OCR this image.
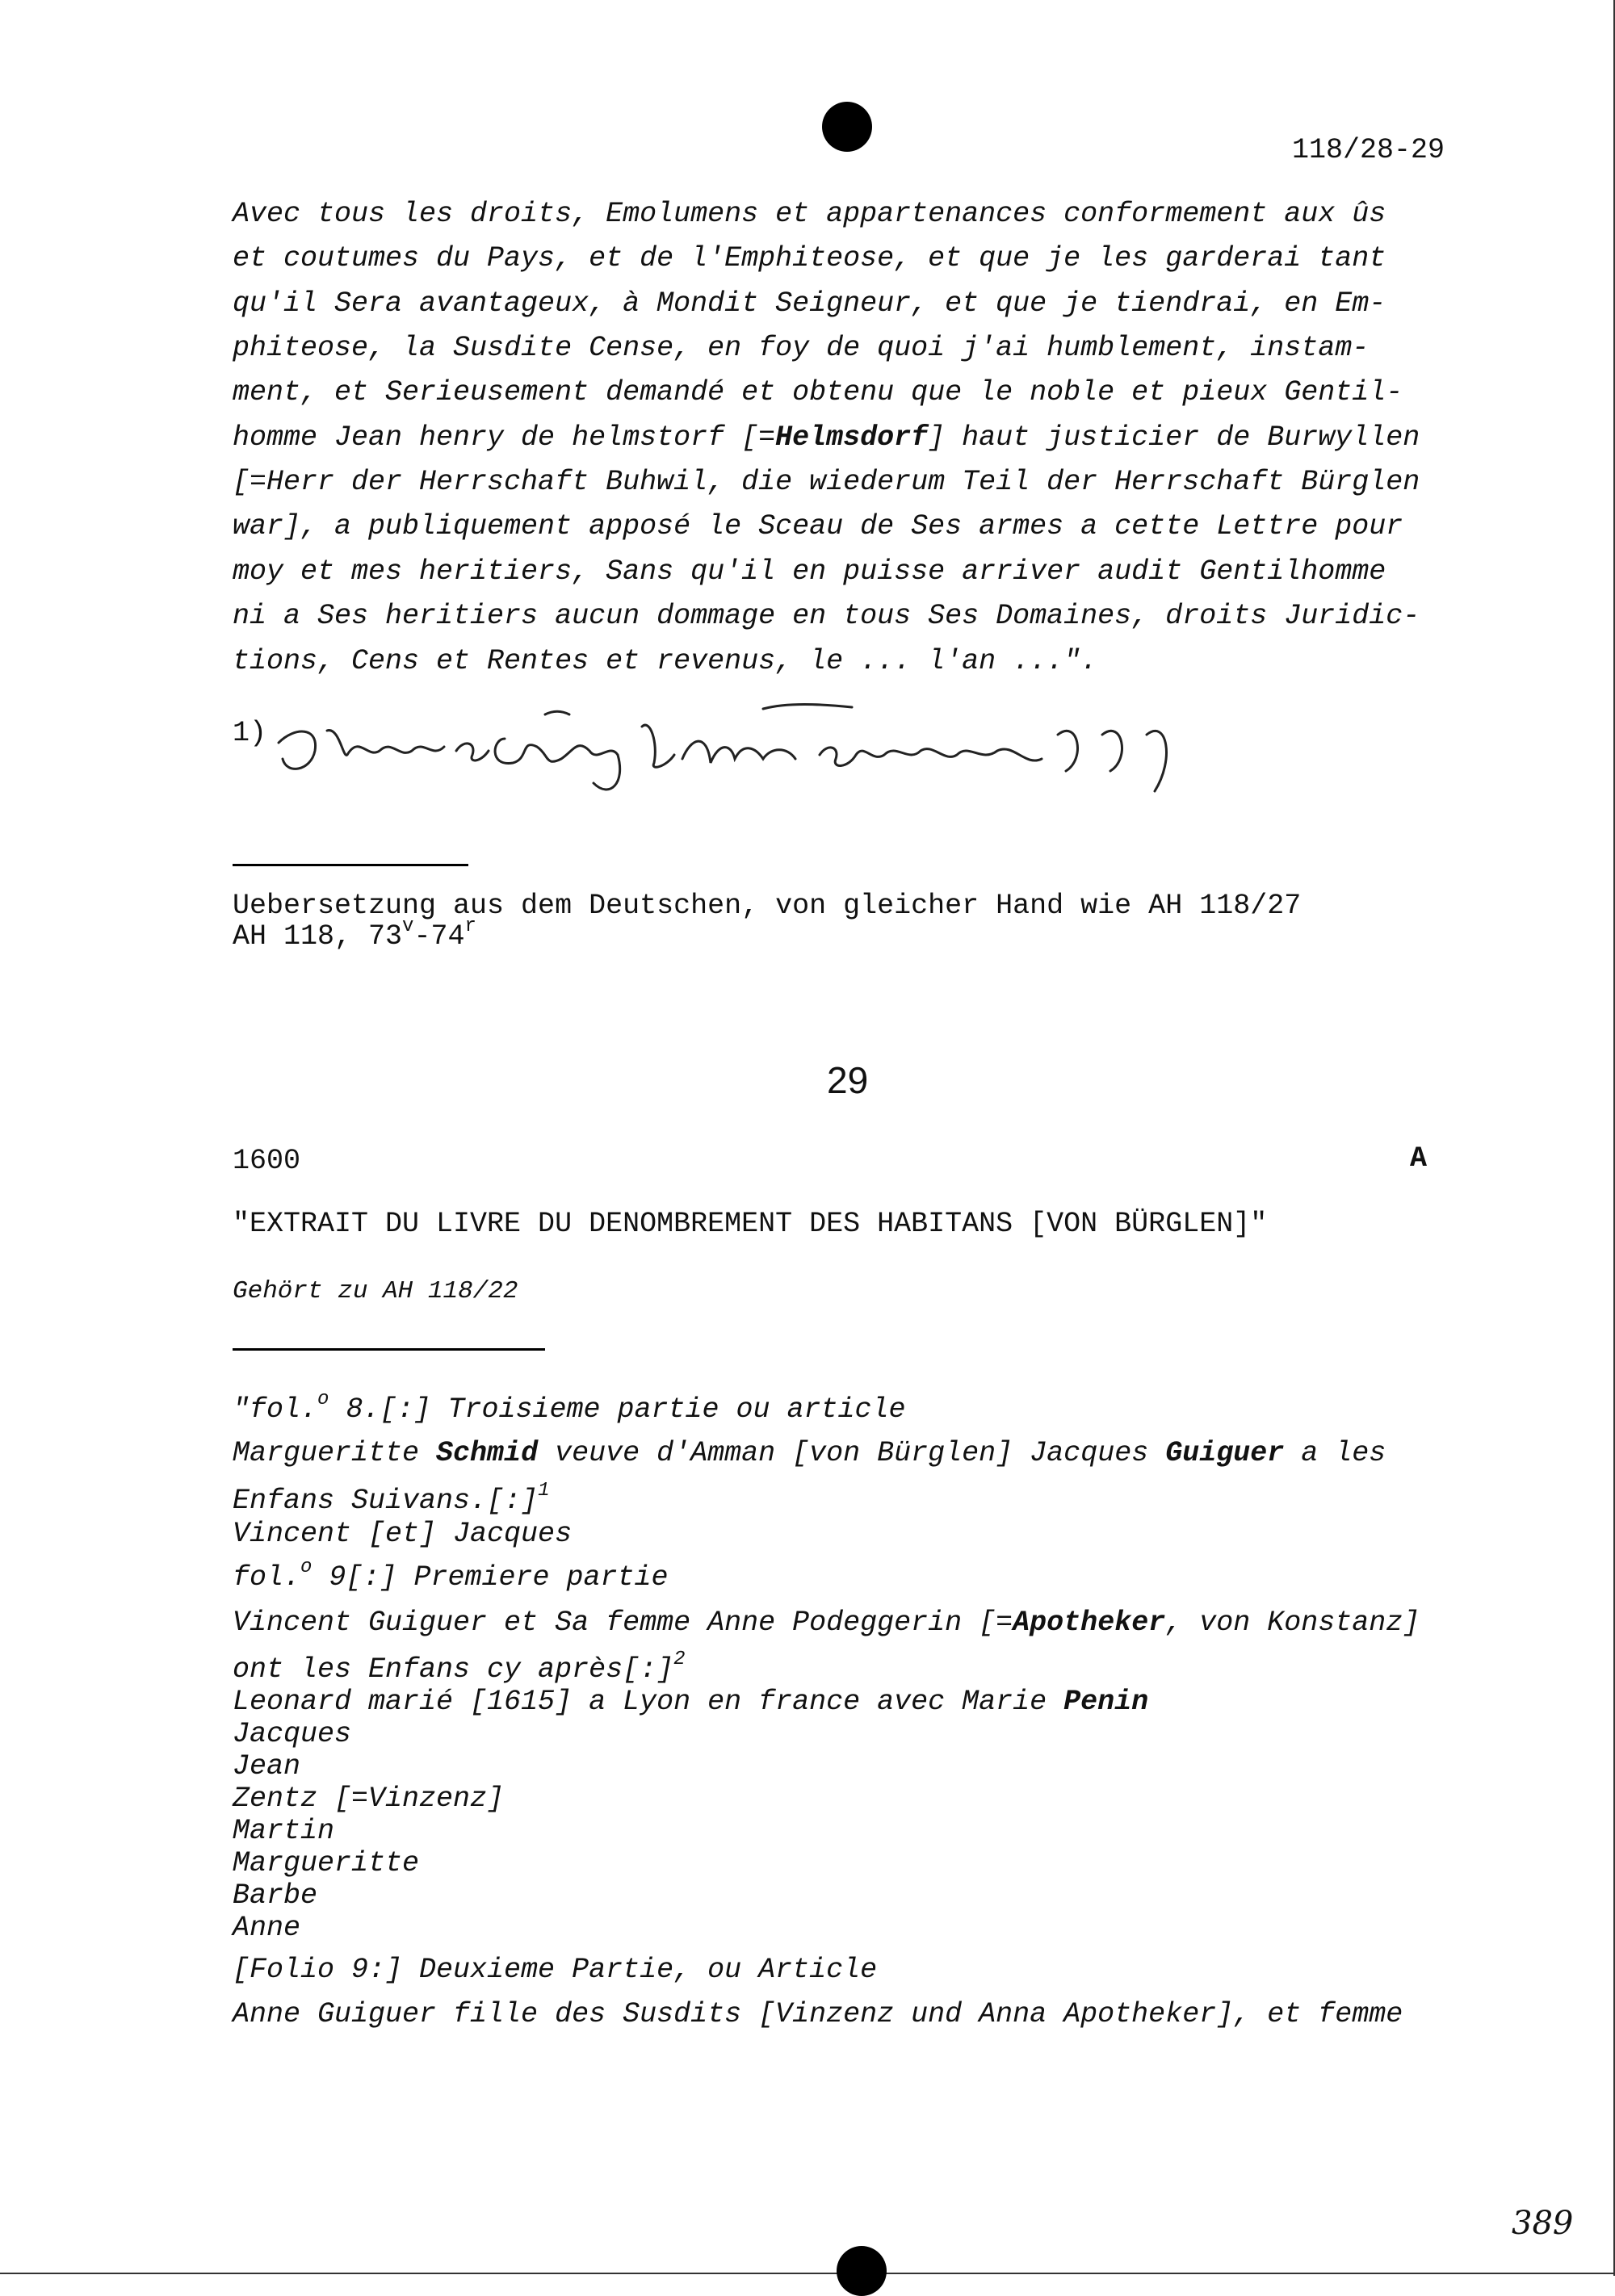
118/28-29
Avec tous les droits, Emolumens et appartenances conformement aux ûs
et coutumes du Pays, et de l'Emphiteose, et que je les garderai tant
qu'il Sera avantageux, à Mondit Seigneur, et que je tiendrai, en Em-
phiteose, la Susdite Cense, en foy de quoi j'ai humblement, instam-
ment, et Serieusement demandé et obtenu que le noble et pieux Gentil-
homme Jean henry de helmstorf [=Helmsdorf] haut justicier de Burwyllen
[=Herr der Herrschaft Buhwil, die wiederum Teil der Herrschaft Bürglen
war], a publiquement apposé le Sceau de Ses armes a cette Lettre pour
moy et mes heritiers, Sans qu'il en puisse arriver audit Gentilhomme
ni a Ses heritiers aucun dommage en tous Ses Domaines, droits Juridic-
tions, Cens et Rentes et revenus, le ... l'an ...".
1)
Uebersetzung aus dem Deutschen, von gleicher Hand wie AH 118/27
AH 118, 73$^v$-74$^r$
29
1600	A
"EXTRAIT DU LIVRE DU DENOMBREMENT DES HABITANS [VON BÜRGLEN]"
Gehört zu AH 118/22
"fol.$^o$ 8.[:] Troisieme partie ou article
Margueritte Schmid veuve d'Amman [von Bürglen] Jacques Guiguer a les
Enfans Suivans.[:]$^1$
Vincent [et] Jacques
fol.$^o$ 9[:] Premiere partie
Vincent Guiguer et Sa femme Anne Podeggerin [=Apotheker, von Konstanz]
ont les Enfans cy après[:]$^2$
Leonard marié [1615] a Lyon en france avec Marie Penin
Jacques
Jean
Zentz [=Vinzenz]
Martin
Margueritte
Barbe
Anne
[Folio 9:] Deuxieme Partie, ou Article
Anne Guiguer fille des Susdits [Vinzenz und Anna Apotheker], et femme
389
